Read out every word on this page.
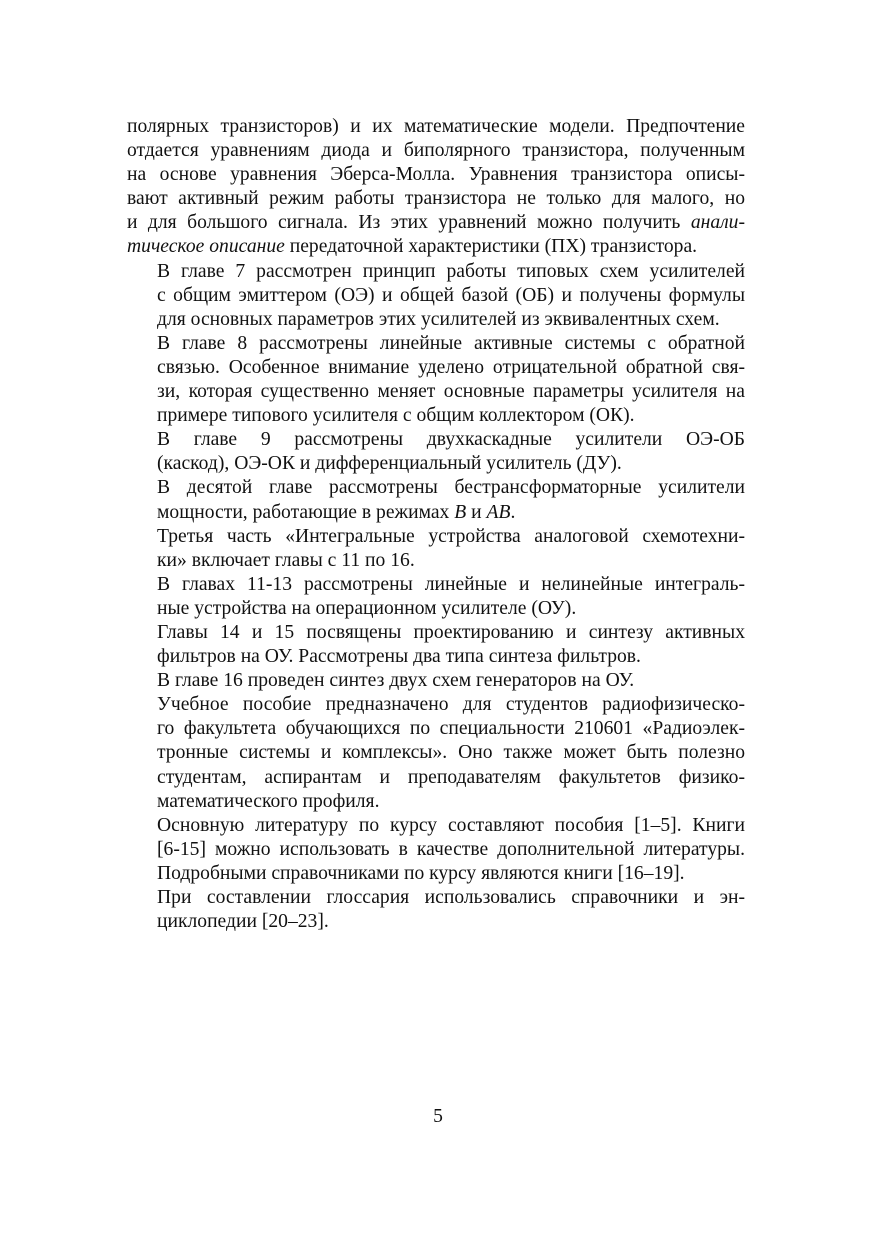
полярных транзисторов) и их математические модели. Предпочтение
отдается уравнениям диода и биполярного транзистора, полученным
на основе уравнения Эберса-Молла. Уравнения транзистора описы-
вают активный режим работы транзистора не только для малого, но
и для большого сигнала. Из этих уравнений можно получить анали-
тическое описание передаточной характеристики (ПХ) транзистора.

В главе 7 рассмотрен принцип работы типовых схем усилителей
с общим эмиттером (ОЭ) и общей базой (ОБ) и получены формулы
для основных параметров этих усилителей из эквивалентных схем.

В главе 8 рассмотрены линейные активные системы с обратной
связью. Особенное внимание уделено отрицательной обратной свя-
зи, которая существенно меняет основные параметры усилителя на
примере типового усилителя с общим коллектором (ОК).

В главе 9 рассмотрены двухкаскадные усилители ОЭ-ОБ
(каскод), ОЭ-ОК и дифференциальный усилитель (ДУ).

В десятой главе рассмотрены бестрансформаторные усилители
мощности, работающие в режимах B и AB.

Третья часть «Интегральные устройства аналоговой схемотехни-
ки» включает главы с 11 по 16.

В главах 11-13 рассмотрены линейные и нелинейные интеграль-
ные устройства на операционном усилителе (ОУ).

Главы 14 и 15 посвящены проектированию и синтезу активных
фильтров на ОУ. Рассмотрены два типа синтеза фильтров.

В главе 16 проведен синтез двух схем генераторов на ОУ.

Учебное пособие предназначено для студентов радиофизическо-
го факультета обучающихся по специальности 210601 «Радиоэлек-
тронные системы и комплексы». Оно также может быть полезно
студентам, аспирантам и преподавателям факультетов физико-
математического профиля.

Основную литературу по курсу составляют пособия [1–5]. Книги
[6-15] можно использовать в качестве дополнительной литературы.
Подробными справочниками по курсу являются книги [16–19].

При составлении глоссария использовались справочники и эн-
циклопедии [20–23].

5
